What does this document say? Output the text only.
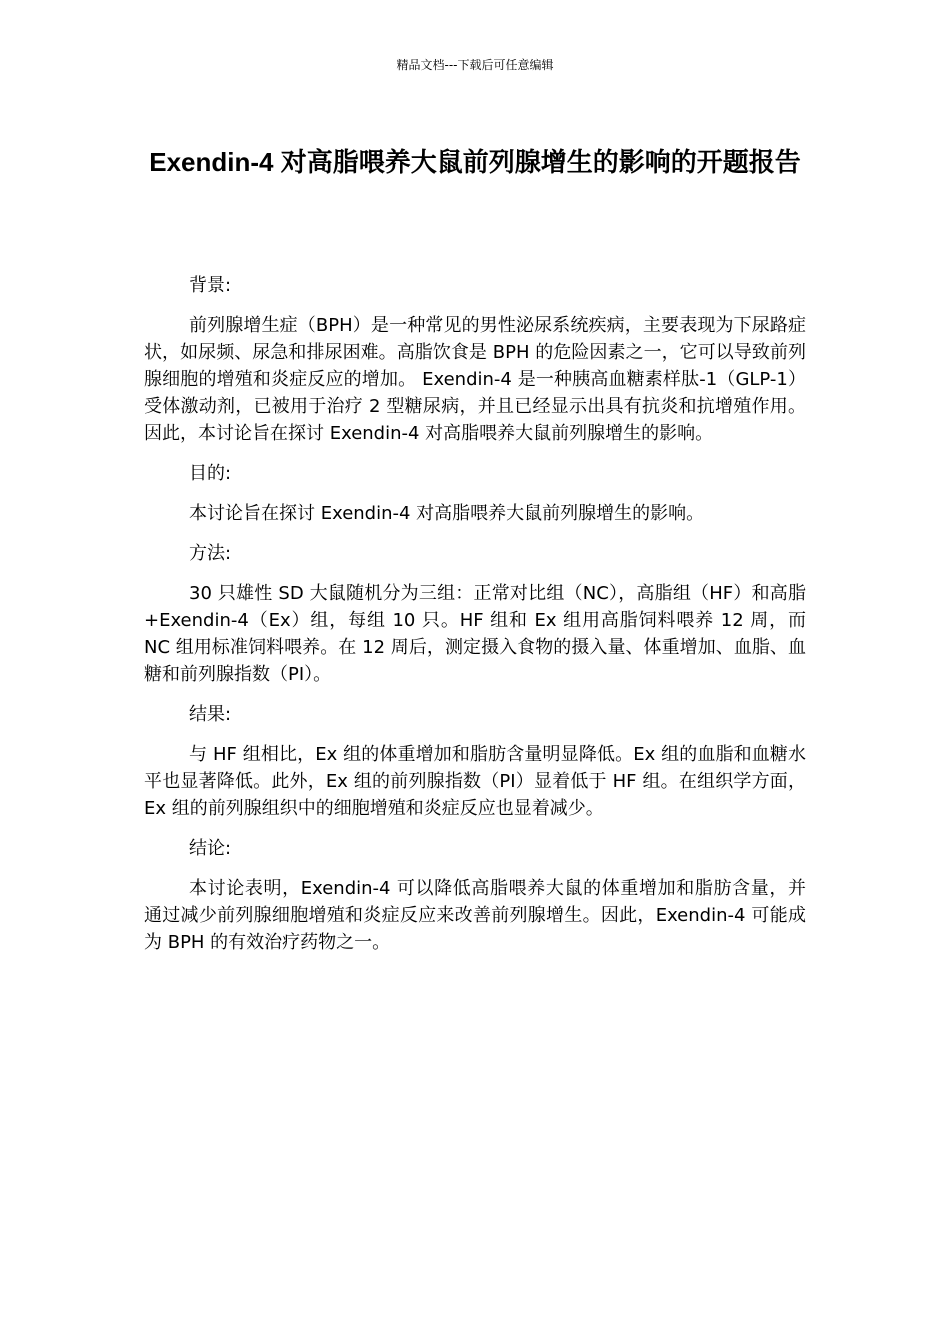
精品文档---下载后可任意编辑
Exendin-4 对高脂喂养大鼠前列腺增生的影响的开题报告

背景:

前列腺增生症（BPH）是一种常见的男性泌尿系统疾病，主要表现为下尿路症状，如尿频、尿急和排尿困难。高脂饮食是 BPH 的危险因素之一，它可以导致前列腺细胞的增殖和炎症反应的增加。 Exendin-4 是一种胰高血糖素样肽-1（GLP-1）受体激动剂，已被用于治疗 2 型糖尿病，并且已经显示出具有抗炎和抗增殖作用。因此，本讨论旨在探讨 Exendin-4 对高脂喂养大鼠前列腺增生的影响。

目的:

本讨论旨在探讨 Exendin-4 对高脂喂养大鼠前列腺增生的影响。

方法:

30 只雄性 SD 大鼠随机分为三组：正常对比组（NC），高脂组（HF）和高脂+Exendin-4（Ex）组，每组 10 只。HF 组和 Ex 组用高脂饲料喂养 12 周，而 NC 组用标准饲料喂养。在 12 周后，测定摄入食物的摄入量、体重增加、血脂、血糖和前列腺指数（PI）。

结果:

与 HF 组相比，Ex 组的体重增加和脂肪含量明显降低。Ex 组的血脂和血糖水平也显著降低。此外，Ex 组的前列腺指数（PI）显着低于 HF 组。在组织学方面，Ex 组的前列腺组织中的细胞增殖和炎症反应也显着减少。

结论:

本讨论表明，Exendin-4 可以降低高脂喂养大鼠的体重增加和脂肪含量，并通过减少前列腺细胞增殖和炎症反应来改善前列腺增生。因此，Exendin-4 可能成为 BPH 的有效治疗药物之一。
